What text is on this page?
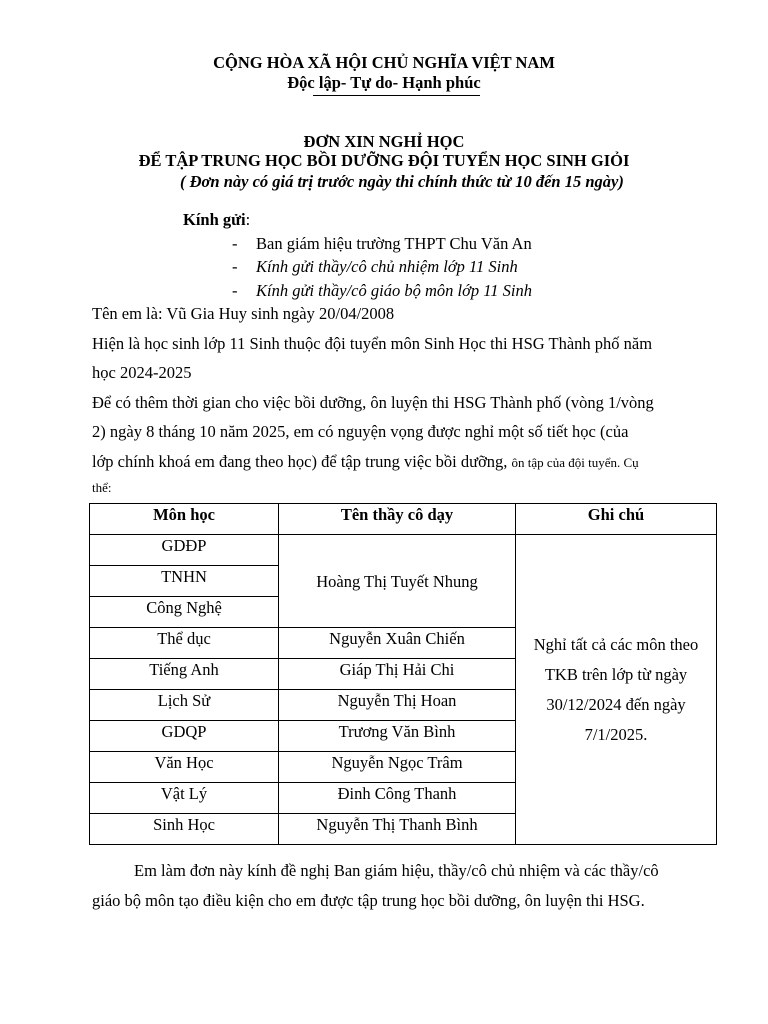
CỘNG HÒA XÃ HỘI CHỦ NGHĨA VIỆT NAM
Độc lập- Tự do- Hạnh phúc
ĐƠN XIN NGHỈ HỌC
ĐỂ TẬP TRUNG HỌC BỒI DƯỠNG ĐỘI TUYỂN HỌC SINH GIỎI
( Đơn này có giá trị trước ngày thi chính thức từ 10 đến 15 ngày)
Kính gửi:
- Ban giám hiệu trường THPT Chu Văn An
- Kính gửi thầy/cô chủ nhiệm lớp 11 Sinh
- Kính gửi thầy/cô giáo bộ môn lớp 11 Sinh
Tên em là: Vũ Gia Huy sinh ngày 20/04/2008
Hiện là học sinh lớp 11 Sinh thuộc đội tuyển môn Sinh Học thi HSG Thành phố năm
học 2024-2025
Để có thêm thời gian cho việc bồi dưỡng, ôn luyện thi HSG Thành phố (vòng 1/vòng
2) ngày 8 tháng 10 năm 2025, em có nguyện vọng được nghỉ một số tiết học (của
lớp chính khoá em đang theo học) để tập trung việc bồi dưỡng, ôn tập của đội tuyển. Cụ
thể:
Môn học	Tên thầy cô dạy	Ghi chú
GDĐP	Hoàng Thị Tuyết Nhung	Nghỉ tất cả các môn theo TKB trên lớp từ ngày 30/12/2024 đến ngày 7/1/2025.
TNHN		
Công Nghệ		
Thể dục	Nguyễn Xuân Chiến	
Tiếng Anh	Giáp Thị Hải Chi	
Lịch Sử	Nguyễn Thị Hoan	
GDQP	Trương Văn Bình	
Văn Học	Nguyễn Ngọc Trâm	
Vật Lý	Đinh Công Thanh	
Sinh Học	Nguyễn Thị Thanh Bình	
Em làm đơn này kính đề nghị Ban giám hiệu, thầy/cô chủ nhiệm và các thầy/cô
giáo bộ môn tạo điều kiện cho em được tập trung học bồi dưỡng, ôn luyện thi HSG.
